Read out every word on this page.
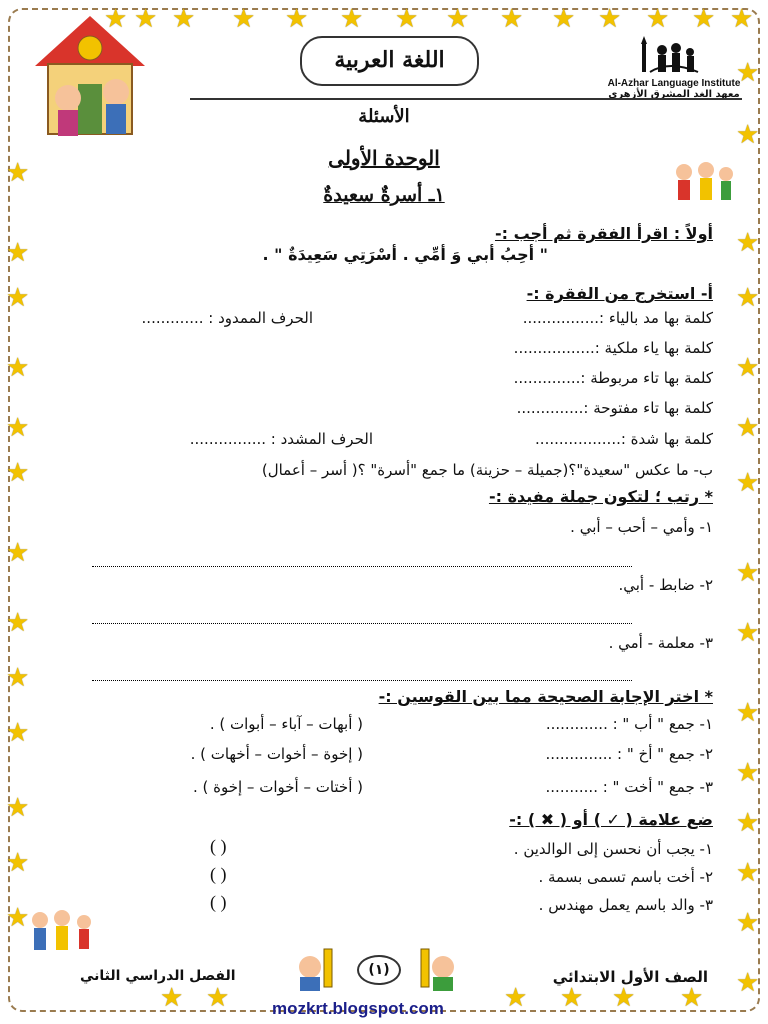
★ ★ ★ ★ ★ ★ ★ ★ ★ ★ ★ ★ ★ ★
★
★
★
★
★
★
★
★
★
★
★
★
★
★
★
★
★
★
★
★
★
★
★
★
★
★
★
★
★ ★	★ ★ ★ ★
اللغة العربية
Al-Azhar Language Institute
معهد الغد المشرق الأزهري
الأسئلة
الوحدة الأولى
١ـ أسرةٌ سعيدةٌ
أولاً : اقرأ الفقرة ثم أجب :-
" أحِبُ أبي وَ أمِّي . أسْرَتِي سَعِيدَةٌ " .
أ- استخرج من الفقرة :-
كلمة بها مد بالياء :................
الحرف الممدود : .............
كلمة بها ياء ملكية :.................
كلمة بها تاء مربوطة :..............
كلمة بها تاء مفتوحة :..............
كلمة بها شدة :..................
الحرف المشدد : ................
ب- ما عكس "سعيدة"؟(جميلة – حزينة) ما جمع "أسرة" ؟( أسر – أعمال)
* رتب ؛ لتكون جملة مفيدة :-
١- وأمي – أحب – أبي .
٢- ضابط - أبي.
٣- معلمة - أمي .
* اختر الإجابة الصحيحة مما بين القوسين :-
١- جمع " أب " : .............
( أبهات – آباء – أبوات ) .
٢- جمع " أخ " : ..............
( إخوة – أخوات – أخهات ) .
٣- جمع " أخت " : ...........
( أختات – أخوات – إخوة ) .
ضع علامة ( ✓ ) أو ( ✖ ) :-
١- يجب أن نحسن إلى الوالدين .
( )
٢- أخت باسم تسمى بسمة .
( )
٣- والد باسم يعمل مهندس .
( )
الفصل الدراسي الثاني	الصف الأول الابتدائي
(١)
mozkrt.blogspot.com
